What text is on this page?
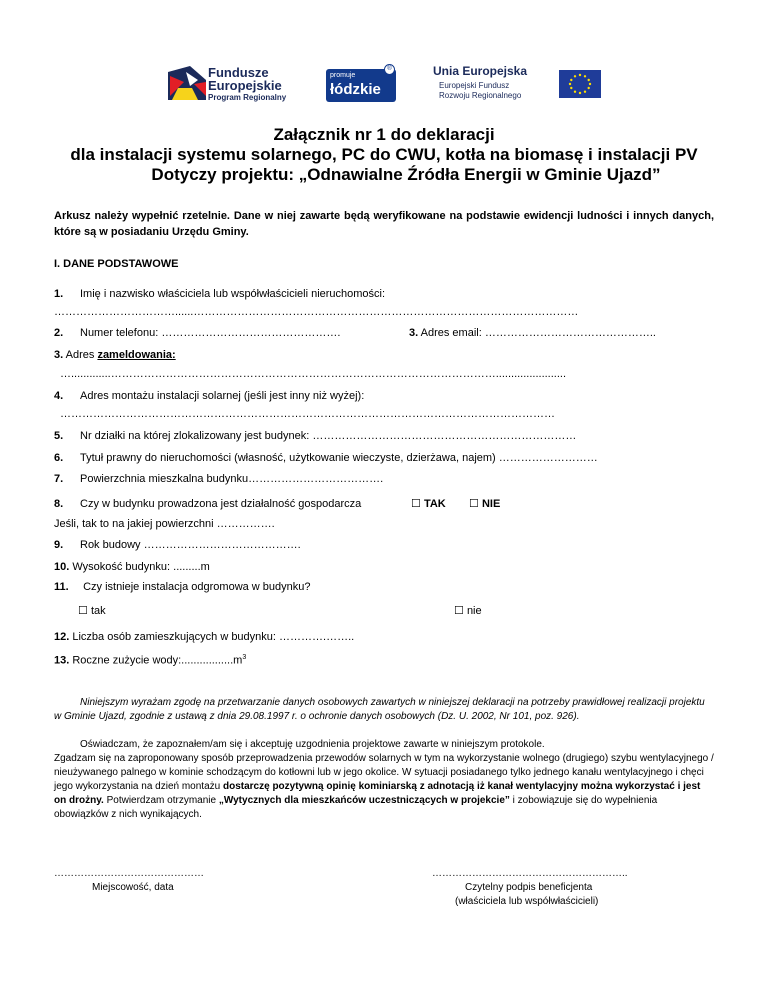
Fundusze
Europejskie
Program Regionalny
promuje
łódzkie
®	Unia Europejska
Europejski Fundusz
Rozwoju Regionalnego
Załącznik nr 1 do deklaracji
dla instalacji systemu solarnego, PC do CWU, kotła na biomasę i instalacji PV
Dotyczy projektu: „Odnawialne Źródła Energii w Gminie Ujazd”
Arkusz należy wypełnić rzetelnie. Dane w niej zawarte będą weryfikowane na podstawie ewidencji ludności i innych danych, które są w posiadaniu Urzędu Gminy.
I. DANE PODSTAWOWE
1. Imię i nazwisko właściciela lub współwłaścicieli nieruchomości:
……………………………......……………………………………………………………………………………………
2. Numer telefonu: ………………………………………….	3. Adres email: ………………………………………..
3. Adres zameldowania:
….............…………………………………………………………………………………………….......................
4. Adres montażu instalacji solarnej (jeśli jest inny niż wyżej):
………………………………………………………………………………………………………………………
5. Nr działki na której zlokalizowany jest budynek: ………………………………………………………………
6. Tytuł prawny do nieruchomości (własność, użytkowanie wieczyste, dzierżawa, najem) ………………………
7. Powierzchnia mieszkalna budynku……………………………….
8. Czy w budynku prowadzona jest działalność gospodarcza	☐ TAK ☐ NIE
Jeśli, tak to na jakiej powierzchni …………….
9. Rok budowy …………………………………….
10. Wysokość budynku: .........m
11. Czy istnieje instalacja odgromowa w budynku?
☐ tak	☐ nie
12. Liczba osób zamieszkujących w budynku: ………….……..
13. Roczne zużycie $wody:.................m^3$
Niniejszym wyrażam zgodę na przetwarzanie danych osobowych zawartych w niniejszej deklaracji na potrzeby prawidłowej realizacji projektu w Gminie Ujazd, zgodnie z ustawą z dnia 29.08.1997 r. o ochronie danych osobowych (Dz. U. 2002, Nr 101, poz. 926).
Oświadczam, że zapoznałem/am się i akceptuję uzgodnienia projektowe zawarte w niniejszym protokole.
Zgadzam się na zaproponowany sposób przeprowadzenia przewodów solarnych w tym na wykorzystanie wolnego (drugiego) szybu wentylacyjnego / nieużywanego palnego w kominie schodzącym do kotłowni lub w jego okolice. W sytuacji posiadanego tylko jednego kanału wentylacyjnego i chęci jego wykorzystania na dzień montażu dostarczę pozytywną opinię kominiarską z adnotacją iż kanał wentylacyjny można wykorzystać i jest on drożny. Potwierdzam otrzymanie „Wytycznych dla mieszkańców uczestniczących w projekcie” i zobowiązuje się do wypełnienia obowiązków z nich wynikających.
………………………………………
Miejscowość, data
…………………………………………………..
Czytelny podpis beneficjenta
(właściciela lub współwłaścicieli)
